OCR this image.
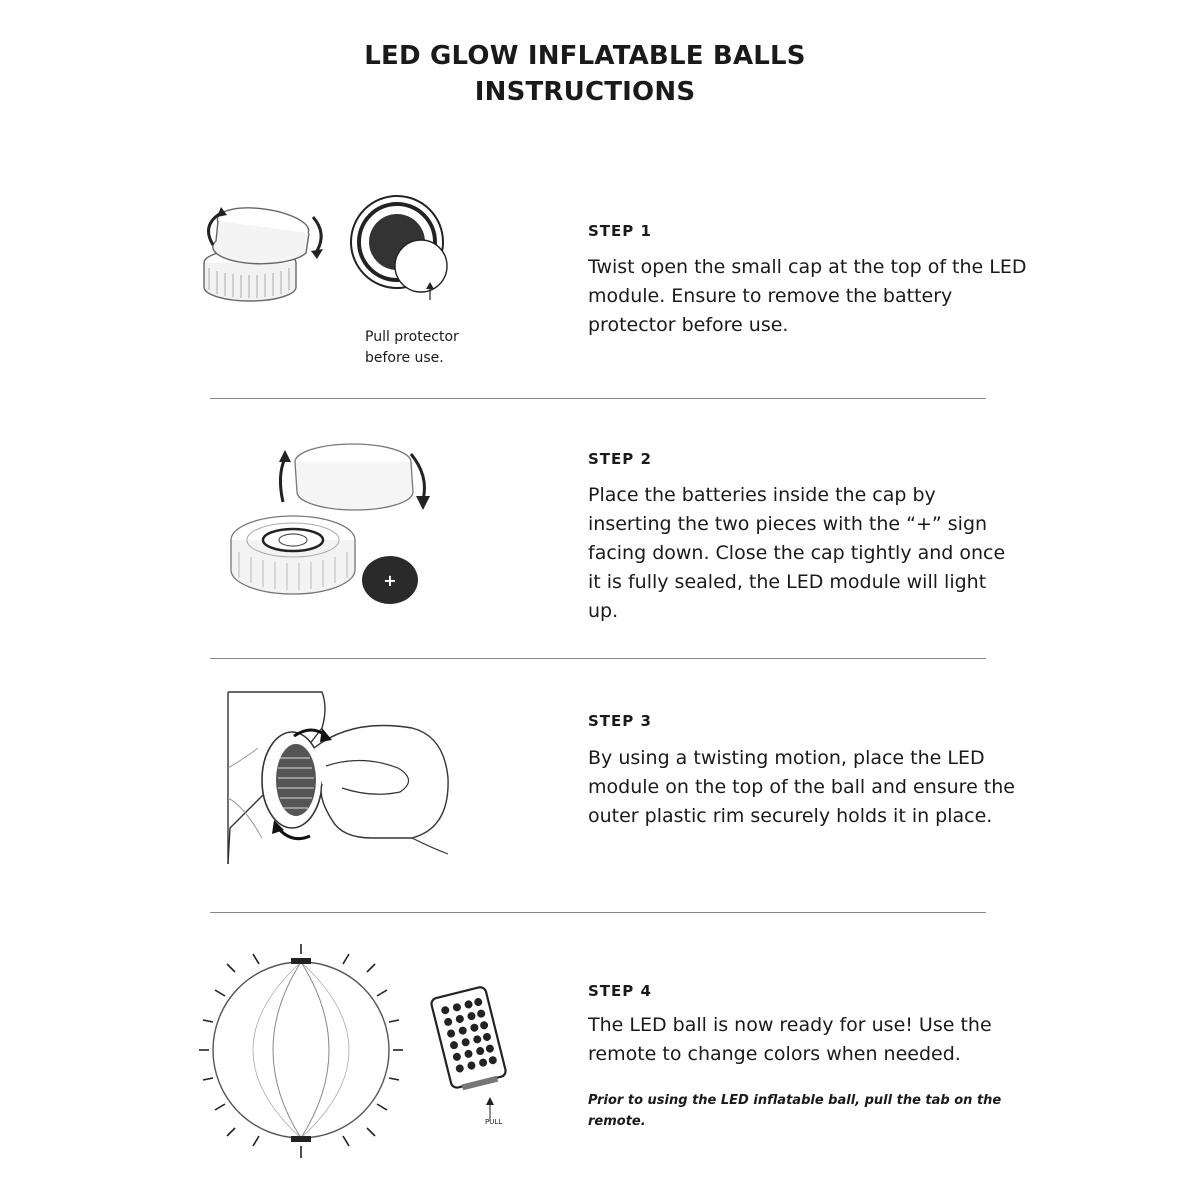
LED GLOW INFLATABLE BALLS
INSTRUCTIONS
Pull protector before use.
STEP 1
Twist open the small cap at the top of the LED module. Ensure to remove the battery protector before use.
+
STEP 2
Place the batteries inside the cap by inserting the two pieces with the “+” sign facing down. Close the cap tightly and once it is fully sealed, the LED module will light up.
STEP 3
By using a twisting motion, place the LED module on the top of the ball and ensure the outer plastic rim securely holds it in place.
PULL
STEP 4
The LED ball is now ready for use! Use the remote to change colors when needed.
Prior to using the LED inflatable ball, pull the tab on the remote.
